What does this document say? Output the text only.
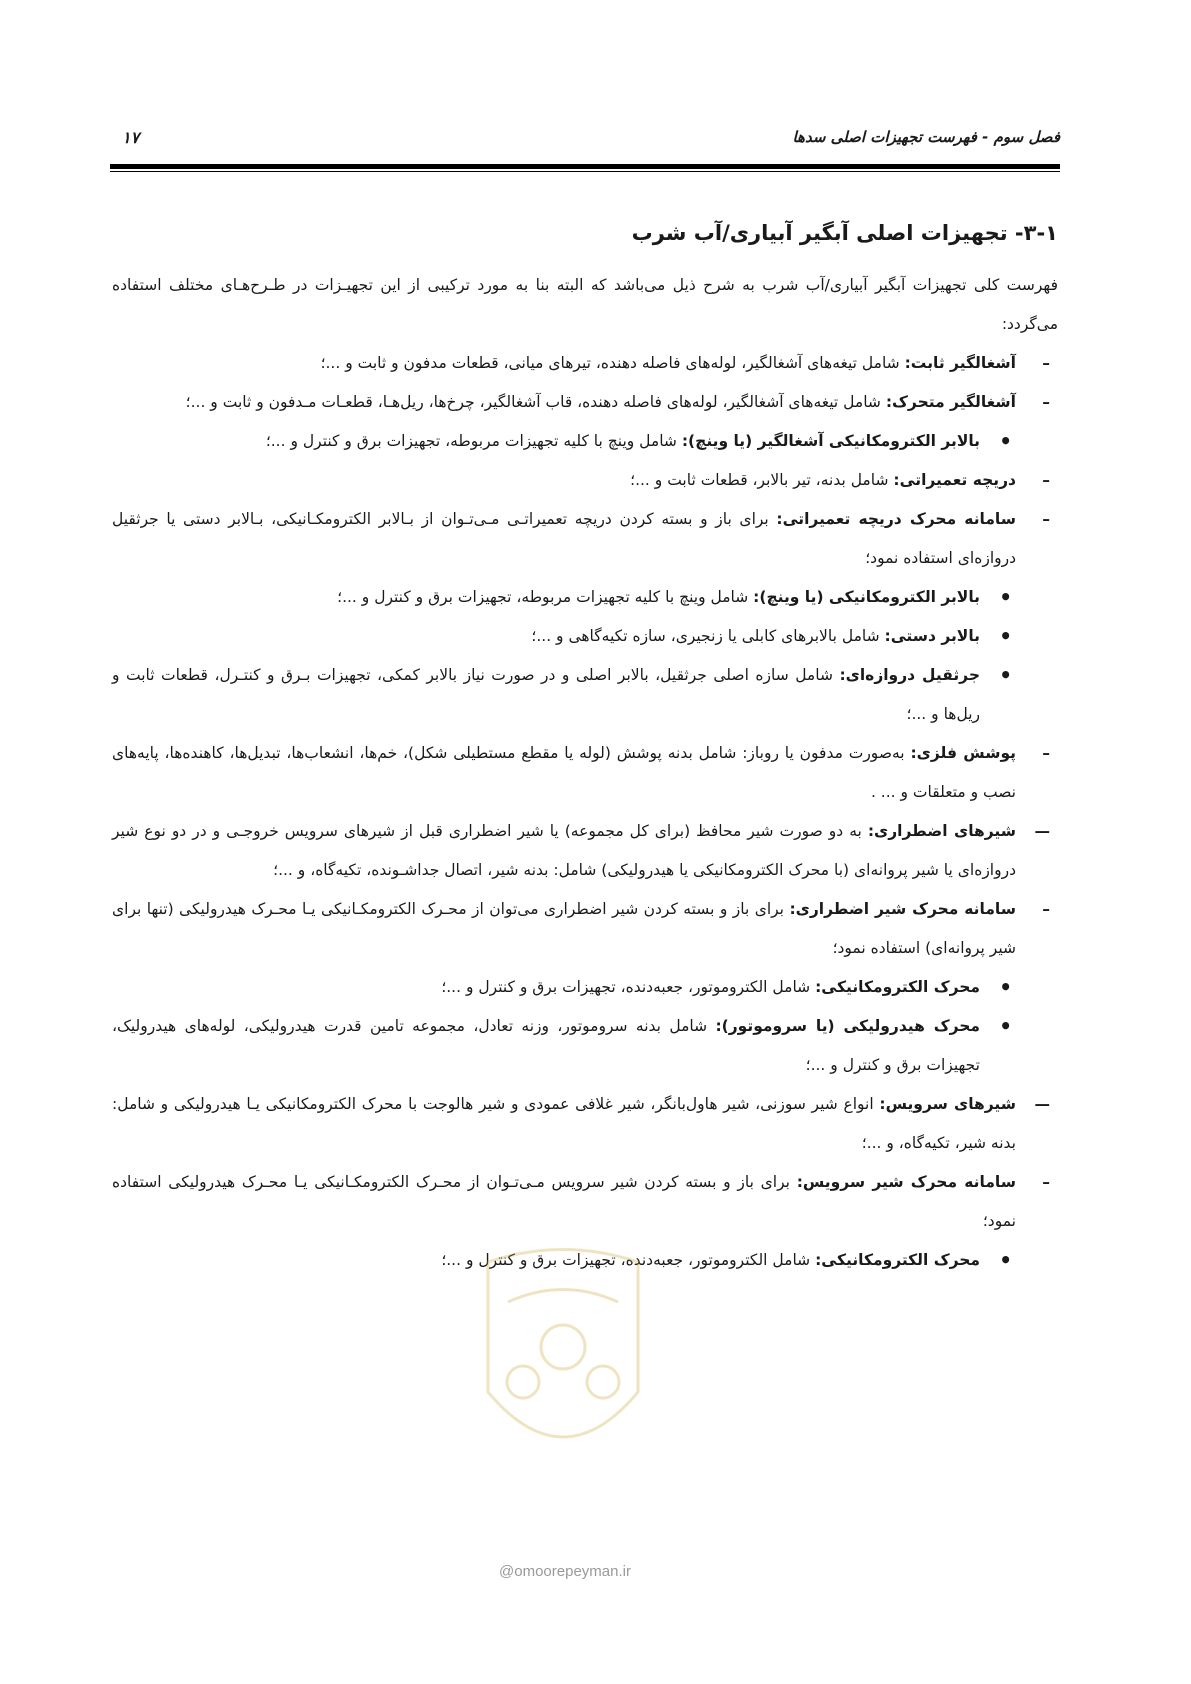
فصل سوم - فهرست تجهیزات اصلی سدها
۱۷
۳-۱- تجهیزات اصلی آبگیر آبیاری/آب شرب

فهرست کلی تجهیزات آبگیر آبیاری/آب شرب به شرح ذیل می‌باشد که البته بنا به مورد ترکیبی از این تجهیـزات در طـرح‌هـای مختلف استفاده می‌گردد:

–
آشغالگیر ثابت: شامل تیغه‌های آشغالگیر، لوله‌های فاصله دهنده، تیرهای میانی، قطعات مدفون و ثابت و ...؛

–
آشغالگیر متحرک: شامل تیغه‌های آشغالگیر، لوله‌های فاصله دهنده، قاب آشغالگیر، چرخ‌ها، ریل‌هـا، قطعـات مـدفون و ثابت و ...؛

•
بالابر الکترومکانیکی آشغالگیر (یا وینچ): شامل وینچ با کلیه تجهیزات مربوطه، تجهیزات برق و کنترل و ...؛

–
دریچه تعمیراتی: شامل بدنه، تیر بالابر، قطعات ثابت و ...؛

–
سامانه محرک دریچه تعمیراتی: برای باز و بسته کردن دریچه تعمیراتـی مـی‌تـوان از بـالابر الکترومکـانیکی، بـالابر دستی یا جرثقیل دروازه‌ای استفاده نمود؛

•
بالابر الکترومکانیکی (یا وینچ): شامل وینچ با کلیه تجهیزات مربوطه، تجهیزات برق و کنترل و ...؛

•
بالابر دستی: شامل بالابرهای کابلی یا زنجیری، سازه تکیه‌گاهی و ...؛

•
جرثقیل دروازه‌ای: شامل سازه اصلی جرثقیل، بالابر اصلی و در صورت نیاز بالابر کمکی، تجهیزات بـرق و کنتـرل، قطعات ثابت و ریل‌ها و ...؛

–
پوشش فلزی: به‌صورت مدفون یا روباز: شامل بدنه پوشش (لوله یا مقطع مستطیلی شکل)، خم‌ها، انشعاب‌ها، تبدیل‌ها، کاهنده‌ها، پایه‌های نصب و متعلقات و ... .

—
شیرهای اضطراری: به دو صورت شیر محافظ (برای کل مجموعه) یا شیر اضطراری قبل از شیرهای سرویس خروجـی و در دو نوع شیر دروازه‌ای یا شیر پروانه‌ای (با محرک الکترومکانیکی یا هیدرولیکی) شامل: بدنه شیر، اتصال جداشـونده، تکیه‌گاه، و ...؛

–
سامانه محرک شیر اضطراری: برای باز و بسته کردن شیر اضطراری می‌توان از محـرک الکترومکـانیکی یـا محـرک هیدرولیکی (تنها برای شیر پروانه‌ای) استفاده نمود؛

•
محرک الکترومکانیکی: شامل الکتروموتور، جعبه‌دنده، تجهیزات برق و کنترل و ...؛

•
محرک هیدرولیکی (یا سروموتور): شامل بدنه سروموتور، وزنه تعادل، مجموعه تامین قدرت هیدرولیکی، لوله‌های هیدرولیک، تجهیزات برق و کنترل و ...؛

—
شیرهای سرویس: انواع شیر سوزنی، شیر هاول‌بانگر، شیر غلافی عمودی و شیر هالوجت با محرک الکترومکانیکی یـا هیدرولیکی و شامل: بدنه شیر، تکیه‌گاه، و ...؛

–
سامانه محرک شیر سرویس: برای باز و بسته کردن شیر سرویس مـی‌تـوان از محـرک الکترومکـانیکی یـا محـرک هیدرولیکی استفاده نمود؛

•
محرک الکترومکانیکی: شامل الکتروموتور، جعبه‌دنده، تجهیزات برق و کنترل و ...؛

@omoorepeyman.ir
